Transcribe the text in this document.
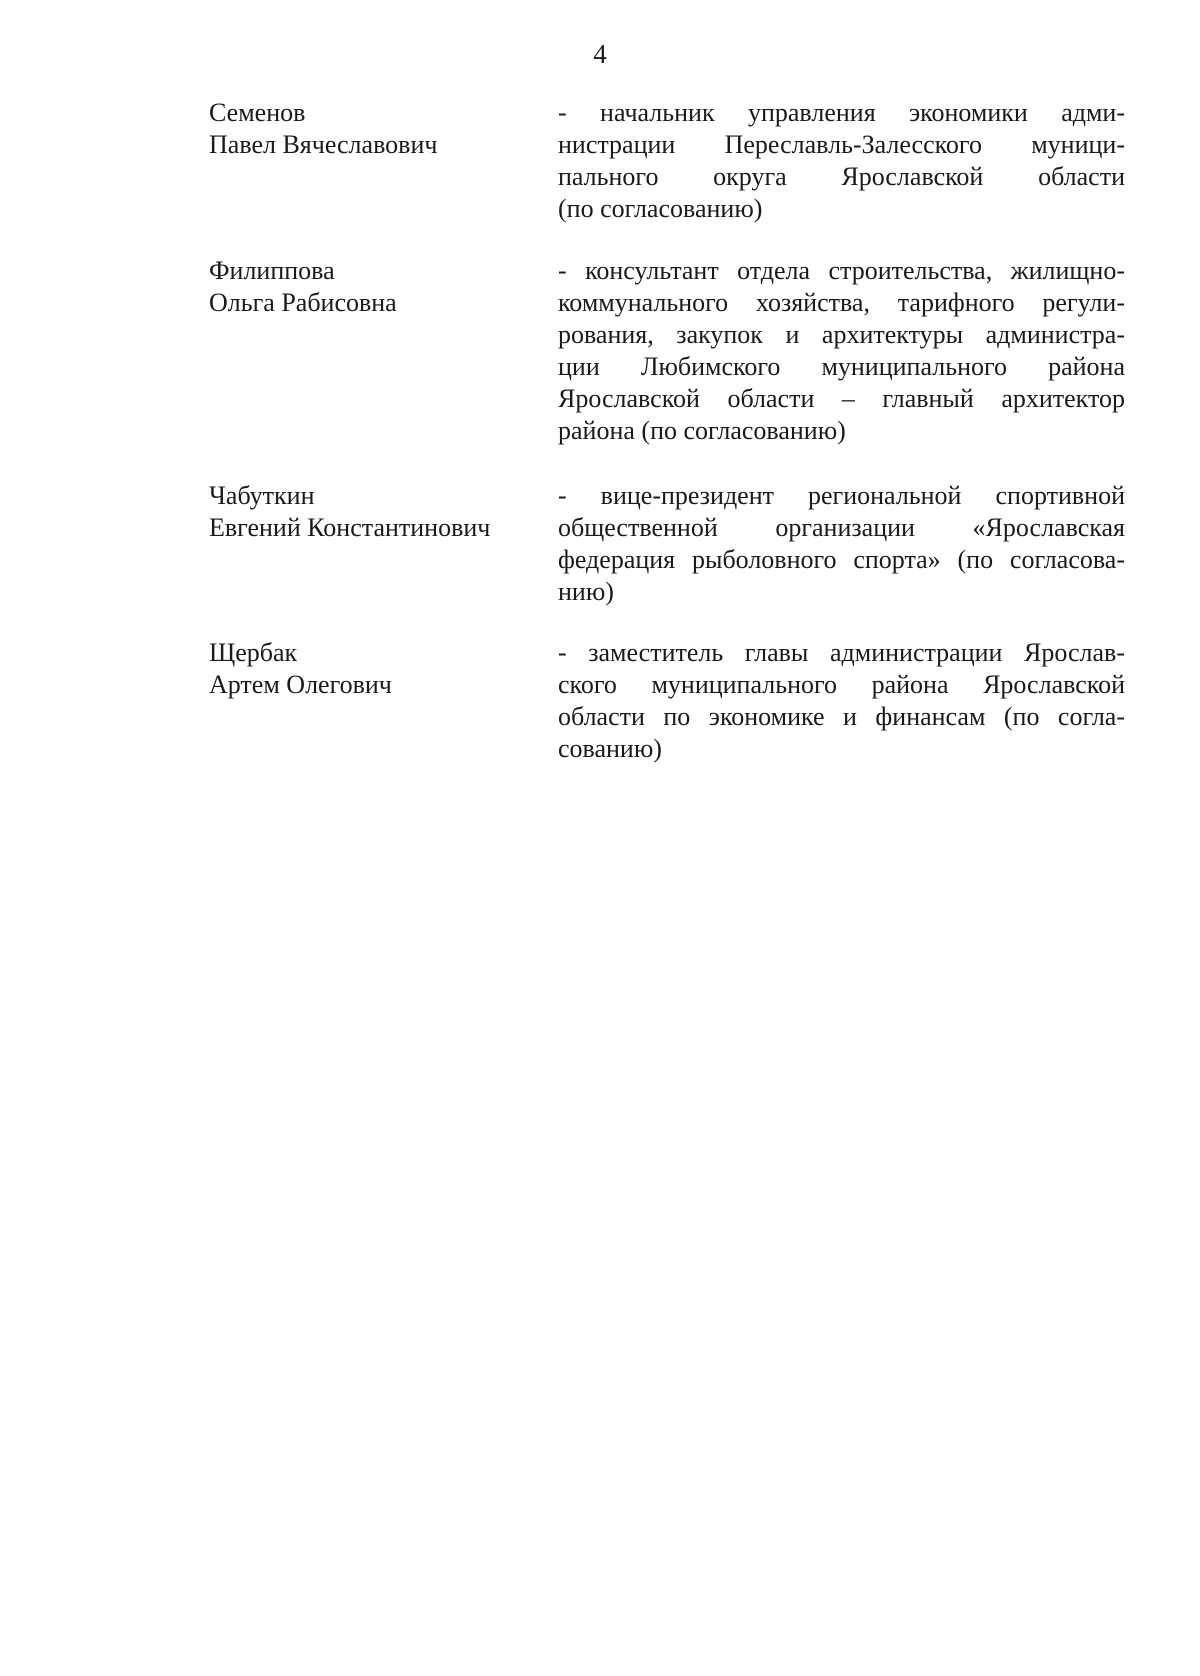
4
Семенов
Павел Вячеславович
- начальник управления экономики адми-
нистрации Переславль-Залесского муници-
пального округа Ярославской области
(по согласованию)
Филиппова
Ольга Рабисовна
- консультант отдела строительства, жилищно-
коммунального хозяйства, тарифного регули-
рования, закупок и архитектуры администра-
ции Любимского муниципального района
Ярославской области – главный архитектор
района (по согласованию)
Чабуткин
Евгений Константинович
- вице-президент региональной спортивной
общественной организации «Ярославская
федерация рыболовного спорта» (по согласова-
нию)
Щербак
Артем Олегович
- заместитель главы администрации Ярослав-
ского муниципального района Ярославской
области по экономике и финансам (по согла-
сованию)
